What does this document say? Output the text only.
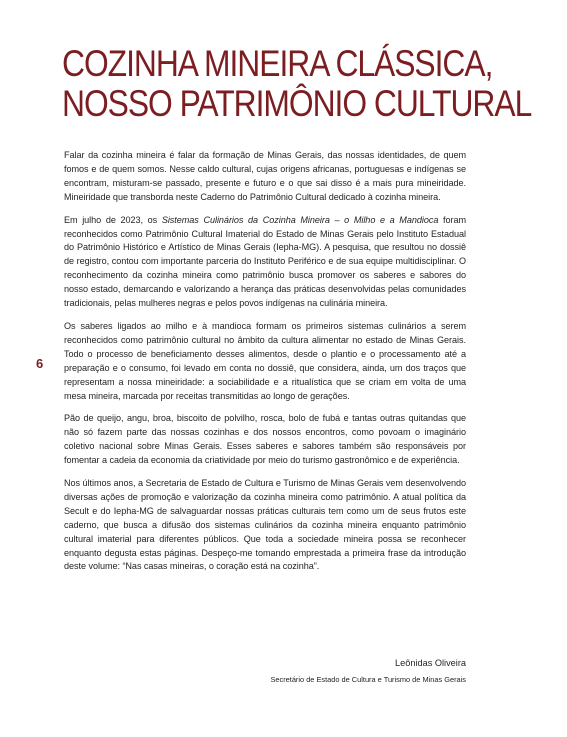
COZINHA MINEIRA CLÁSSICA,
NOSSO PATRIMÔNIO CULTURAL
6

Falar da cozinha mineira é falar da formação de Minas Gerais, das nossas identidades, de quem fomos e de quem somos. Nesse caldo cultural, cujas origens africanas, portuguesas e indígenas se encontram, misturam-se passado, presente e futuro e o que sai disso é a mais pura mineiridade. Mineiridade que transborda neste Caderno do Patrimônio Cultural dedicado à cozinha mineira.

Em julho de 2023, os Sistemas Culinários da Cozinha Mineira – o Milho e a Mandioca foram reconhecidos como Patrimônio Cultural Imaterial do Estado de Minas Gerais pelo Instituto Estadual do Patrimônio Histórico e Artístico de Minas Gerais (Iepha-MG). A pesquisa, que resultou no dossiê de registro, contou com importante parceria do Instituto Periférico e de sua equipe multidisciplinar. O reconhecimento da cozinha mineira como patrimônio busca promover os saberes e sabores do nosso estado, demarcando e valorizando a herança das práticas desenvolvidas pelas comunidades tradicionais, pelas mulheres negras e pelos povos indígenas na culinária mineira.

Os saberes ligados ao milho e à mandioca formam os primeiros sistemas culinários a serem reconhecidos como patrimônio cultural no âmbito da cultura alimentar no estado de Minas Gerais. Todo o processo de beneficiamento desses alimentos, desde o plantio e o processamento até a preparação e o consumo, foi levado em conta no dossiê, que considera, ainda, um dos traços que representam a nossa mineiridade: a sociabilidade e a ritualística que se criam em volta de uma mesa mineira, marcada por receitas transmitidas ao longo de gerações.

Pão de queijo, angu, broa, biscoito de polvilho, rosca, bolo de fubá e tantas outras quitandas que não só fazem parte das nossas cozinhas e dos nossos encontros, como povoam o imaginário coletivo nacional sobre Minas Gerais. Esses saberes e sabores também são responsáveis por fomentar a cadeia da economia da criatividade por meio do turismo gastronômico e de experiência.

Nos últimos anos, a Secretaria de Estado de Cultura e Turismo de Minas Gerais vem desenvolvendo diversas ações de promoção e valorização da cozinha mineira como patrimônio. A atual política da Secult e do Iepha-MG de salvaguardar nossas práticas culturais tem como um de seus frutos este caderno, que busca a difusão dos sistemas culinários da cozinha mineira enquanto patrimônio cultural imaterial para diferentes públicos. Que toda a sociedade mineira possa se reconhecer enquanto degusta estas páginas. Despeço-me tomando emprestada a primeira frase da introdução deste volume: “Nas casas mineiras, o coração está na cozinha”.

Leônidas Oliveira
Secretário de Estado de Cultura e Turismo de Minas Gerais
